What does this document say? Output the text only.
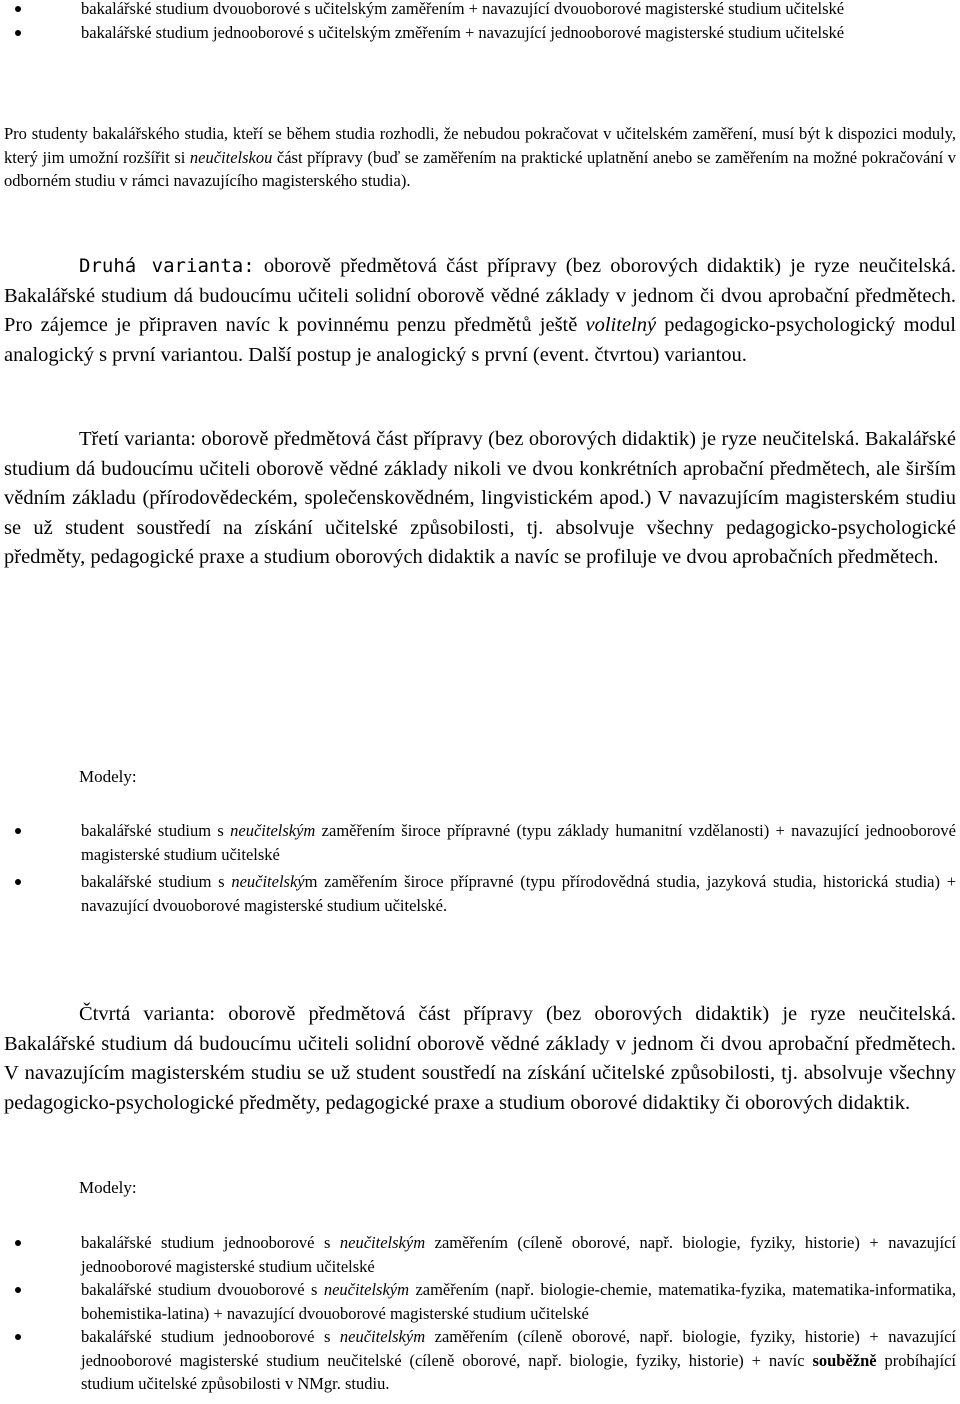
bakalářské studium dvouoborové s učitelským zaměřením + navazující dvouoborové magisterské studium učitelské
bakalářské studium jednooborové s učitelským změřením + navazující jednooborové magisterské studium učitelské

Pro studenty bakalářského studia, kteří se během studia rozhodli, že nebudou pokračovat v učitelském zaměření, musí být k dispozici moduly, který jim umožní rozšířit si neučitelskou část přípravy (buď se zaměřením na praktické uplatnění anebo se zaměřením na možné pokračování v odborném studiu v rámci navazujícího magisterského studia).

Druhá varianta: oborově předmětová část přípravy (bez oborových didaktik) je ryze neučitelská. Bakalářské studium dá budoucímu učiteli solidní oborově vědné základy v jednom či dvou aprobační předmětech. Pro zájemce je připraven navíc k povinnému penzu předmětů ještě volitelný pedagogicko-psychologický modul analogický s první variantou. Další postup je analogický s první (event. čtvrtou) variantou.

Třetí varianta: oborově předmětová část přípravy (bez oborových didaktik) je ryze neučitelská. Bakalářské studium dá budoucímu učiteli oborově vědné základy nikoli ve dvou konkrétních aprobační předmětech, ale širším vědním základu (přírodovědeckém, společenskovědném, lingvistickém apod.) V navazujícím magisterském studiu se už student soustředí na získání učitelské způsobilosti, tj. absolvuje všechny pedagogicko-psychologické předměty, pedagogické praxe a studium oborových didaktik a navíc se profiluje ve dvou aprobačních předmětech.

Modely:
bakalářské studium s neučitelským zaměřením široce přípravné (typu základy humanitní vzdělanosti) + navazující jednooborové magisterské studium učitelské
bakalářské studium s neučitelským zaměřením široce přípravné (typu přírodovědná studia, jazyková studia, historická studia) + navazující dvouoborové magisterské studium učitelské.

Čtvrtá varianta: oborově předmětová část přípravy (bez oborových didaktik) je ryze neučitelská. Bakalářské studium dá budoucímu učiteli solidní oborově vědné základy v jednom či dvou aprobační předmětech. V navazujícím magisterském studiu se už student soustředí na získání učitelské způsobilosti, tj. absolvuje všechny pedagogicko-psychologické předměty, pedagogické praxe a studium oborové didaktiky či oborových didaktik.

Modely:
bakalářské studium jednooborové s neučitelským zaměřením (cíleně oborové, např. biologie, fyziky, historie) + navazující jednooborové magisterské studium učitelské
bakalářské studium dvouoborové s neučitelským zaměřením (např. biologie-chemie, matematika-fyzika, matematika-informatika, bohemistika-latina) + navazující dvouoborové magisterské studium učitelské
bakalářské studium jednooborové s neučitelským zaměřením (cíleně oborové, např. biologie, fyziky, historie) + navazující jednooborové magisterské studium neučitelské (cíleně oborové, např. biologie, fyziky, historie) + navíc souběžně probíhající studium učitelské způsobilosti v NMgr. studiu.
